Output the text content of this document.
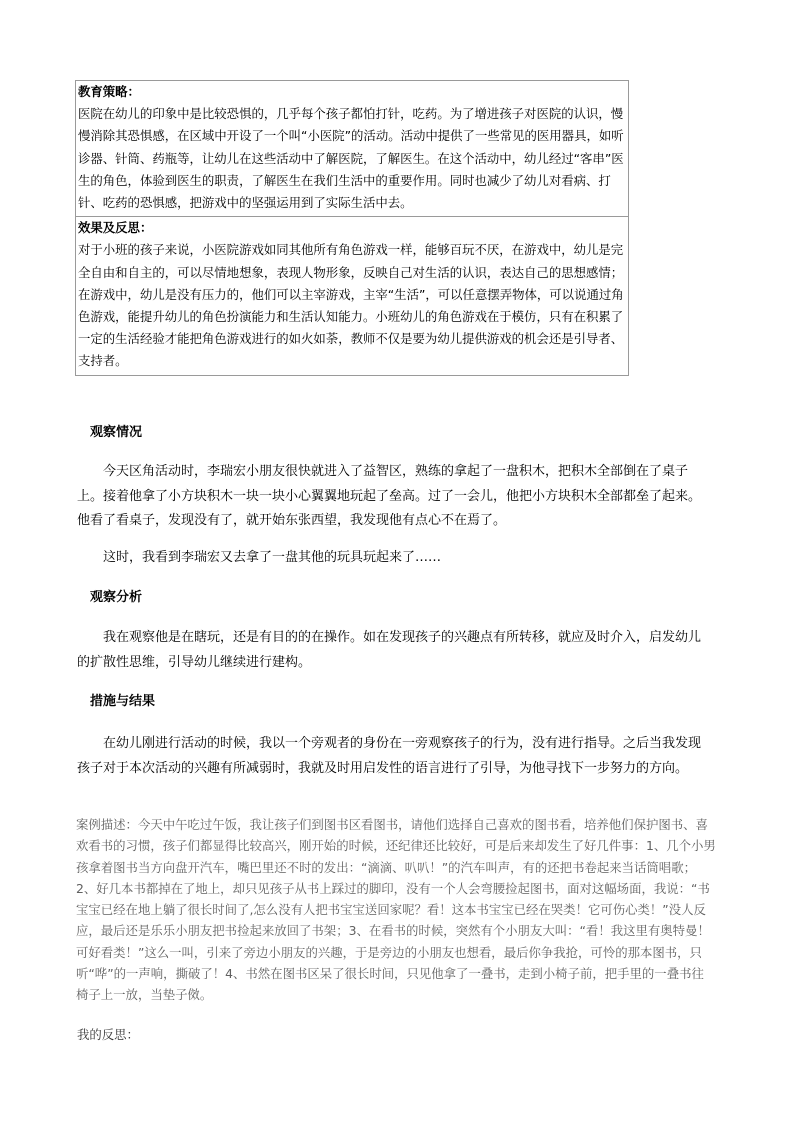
教育策略：
医院在幼儿的印象中是比较恐惧的，几乎每个孩子都怕打针，吃药。为了增进孩子对医院的认识，慢慢消除其恐惧感，在区域中开设了一个叫“小医院”的活动。活动中提供了一些常见的医用器具，如听诊器、针筒、药瓶等，让幼儿在这些活动中了解医院，了解医生。在这个活动中，幼儿经过“客串”医生的角色，体验到医生的职责，了解医生在我们生活中的重要作用。同时也减少了幼儿对看病、打针、吃药的恐惧感，把游戏中的坚强运用到了实际生活中去。

效果及反思：
对于小班的孩子来说，小医院游戏如同其他所有角色游戏一样，能够百玩不厌，在游戏中，幼儿是完全自由和自主的，可以尽情地想象，表现人物形象，反映自己对生活的认识，表达自己的思想感情；在游戏中，幼儿是没有压力的，他们可以主宰游戏，主宰“生活”，可以任意摆弄物体，可以说通过角色游戏，能提升幼儿的角色扮演能力和生活认知能力。小班幼儿的角色游戏在于模仿，只有在积累了一定的生活经验才能把角色游戏进行的如火如荼，教师不仅是要为幼儿提供游戏的机会还是引导者、支持者。
观察情况

今天区角活动时，李瑞宏小朋友很快就进入了益智区，熟练的拿起了一盘积木，把积木全部倒在了桌子上。接着他拿了小方块积木一块一块小心翼翼地玩起了垒高。过了一会儿，他把小方块积木全部都垒了起来。他看了看桌子，发现没有了，就开始东张西望，我发现他有点心不在焉了。

这时，我看到李瑞宏又去拿了一盘其他的玩具玩起来了……

观察分析

我在观察他是在瞎玩，还是有目的的在操作。如在发现孩子的兴趣点有所转移，就应及时介入，启发幼儿的扩散性思维，引导幼儿继续进行建构。

措施与结果

在幼儿刚进行活动的时候，我以一个旁观者的身份在一旁观察孩子的行为，没有进行指导。之后当我发现孩子对于本次活动的兴趣有所减弱时，我就及时用启发性的语言进行了引导，为他寻找下一步努力的方向。

案例描述：今天中午吃过午饭，我让孩子们到图书区看图书，请他们选择自己喜欢的图书看，培养他们保护图书、喜欢看书的习惯，孩子们都显得比较高兴，刚开始的时候，还纪律还比较好，可是后来却发生了好几件事：1、几个小男孩拿着图书当方向盘开汽车，嘴巴里还不时的发出：“滴滴、叭叭！”的汽车叫声，有的还把书卷起来当话筒唱歌；2、好几本书都掉在了地上，却只见孩子从书上踩过的脚印，没有一个人会弯腰捡起图书，面对这幅场面，我说：“书宝宝已经在地上躺了很长时间了,怎么没有人把书宝宝送回家呢？看！这本书宝宝已经在哭类！它可伤心类！”没人反应，最后还是乐乐小朋友把书捡起来放回了书架；3、在看书的时候，突然有个小朋友大叫：“看！我这里有奥特曼！可好看类！”这么一叫，引来了旁边小朋友的兴趣，于是旁边的小朋友也想看，最后你争我抢，可怜的那本图书，只听“哗”的一声响，撕破了！4、书然在图书区呆了很长时间，只见他拿了一叠书，走到小椅子前，把手里的一叠书往椅子上一放，当垫子傚。

我的反思：
